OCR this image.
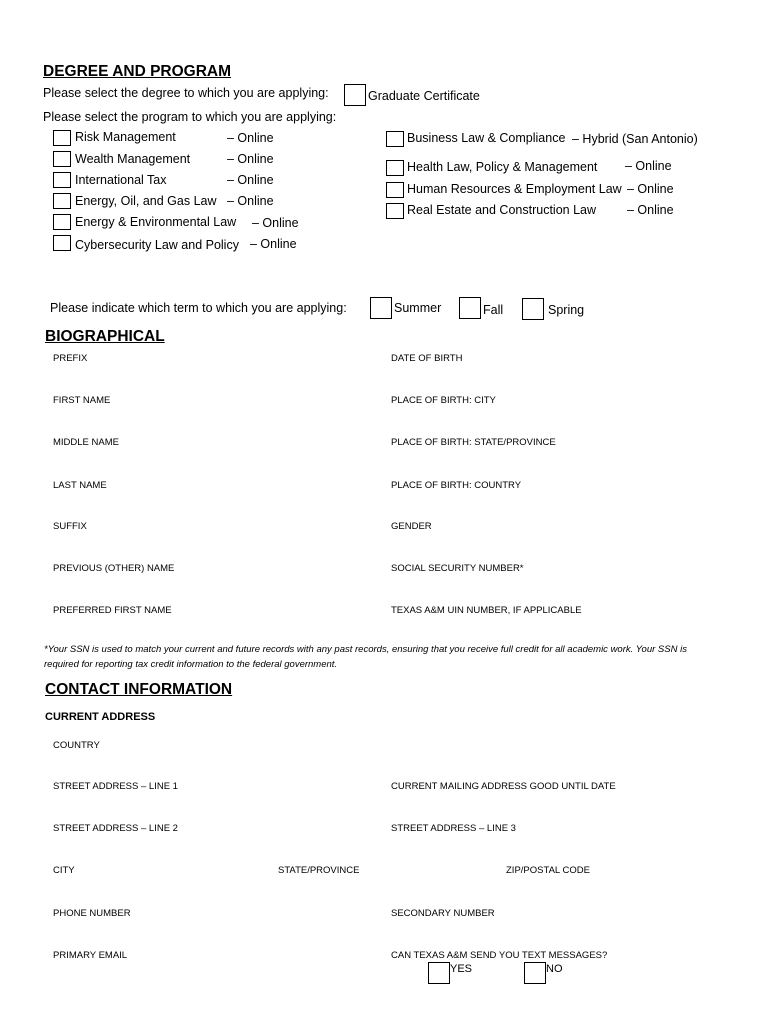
DEGREE AND PROGRAM
Please select the degree to which you are applying:	Graduate Certificate
Please select the program to which you are applying:
Risk Management	– Online
Wealth Management	– Online
International Tax	– Online
Energy, Oil, and Gas Law – Online
Energy & Environmental Law – Online
Cybersecurity Law and Policy – Online
Business Law & Compliance – Hybrid (San Antonio)
Health Law, Policy & Management – Online
Human Resources & Employment Law – Online
Real Estate and Construction Law – Online
Please indicate which term to which you are applying:	Summer	Fall	Spring
BIOGRAPHICAL
PREFIX
FIRST NAME
MIDDLE NAME
LAST NAME
SUFFIX
PREVIOUS (OTHER) NAME
PREFERRED FIRST NAME
DATE OF BIRTH
PLACE OF BIRTH: CITY
PLACE OF BIRTH: STATE/PROVINCE
PLACE OF BIRTH: COUNTRY
GENDER
SOCIAL SECURITY NUMBER*
TEXAS A&M UIN NUMBER, IF APPLICABLE
*Your SSN is used to match your current and future records with any past records, ensuring that you receive full credit for all academic work. Your SSN is required for reporting tax credit information to the federal government.
CONTACT INFORMATION
CURRENT ADDRESS
COUNTRY
STREET ADDRESS – LINE 1	CURRENT MAILING ADDRESS GOOD UNTIL DATE
STREET ADDRESS – LINE 2	STREET ADDRESS – LINE 3
CITY	STATE/PROVINCE	ZIP/POSTAL CODE
PHONE NUMBER	SECONDARY NUMBER
PRIMARY EMAIL	CAN TEXAS A&M SEND YOU TEXT MESSAGES?
YES	NO
